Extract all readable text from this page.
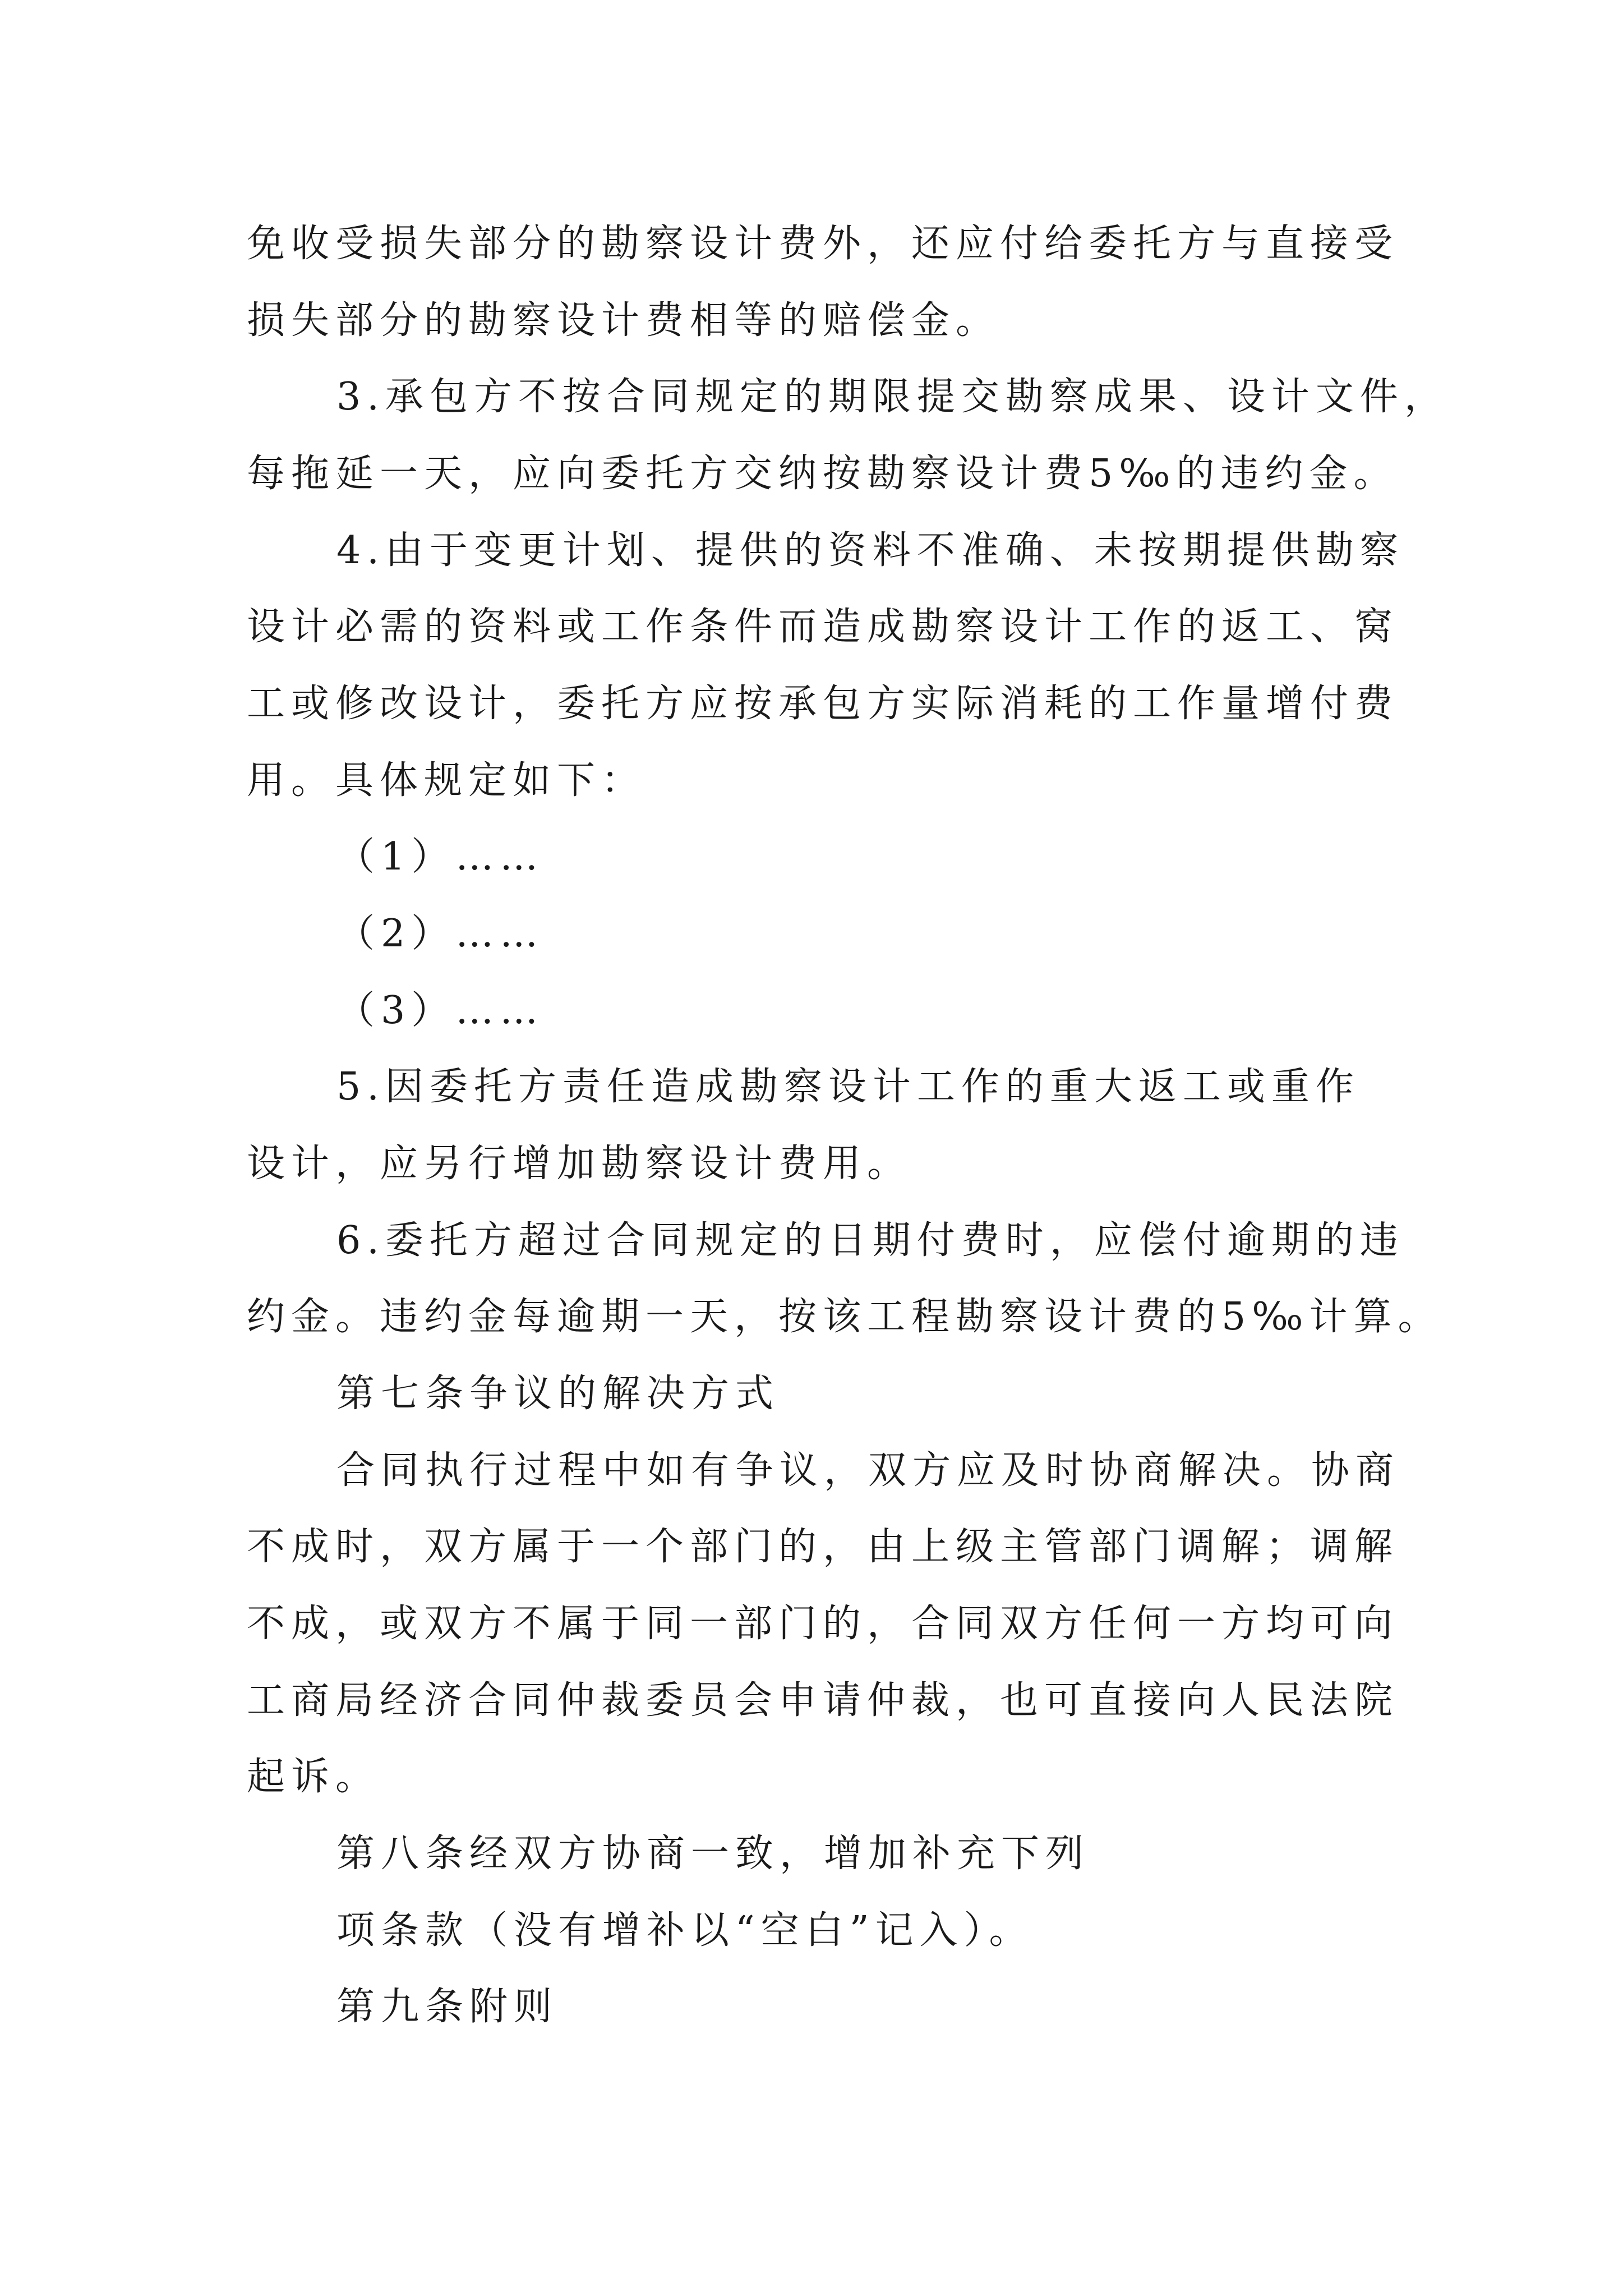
免收受损失部分的勘察设计费外，还应付给委托方与直接受

损失部分的勘察设计费相等的赔偿金。

3.承包方不按合同规定的期限提交勘察成果、设计文件，

每拖延一天，应向委托方交纳按勘察设计费5‰的违约金。

4.由于变更计划、提供的资料不准确、未按期提供勘察

设计必需的资料或工作条件而造成勘察设计工作的返工、窝

工或修改设计，委托方应按承包方实际消耗的工作量增付费

用。具体规定如下：

（1）……

（2）……

（3）……

5.因委托方责任造成勘察设计工作的重大返工或重作

设计，应另行增加勘察设计费用。

6.委托方超过合同规定的日期付费时，应偿付逾期的违

约金。违约金每逾期一天，按该工程勘察设计费的5‰计算。

第七条争议的解决方式

合同执行过程中如有争议，双方应及时协商解决。协商

不成时，双方属于一个部门的，由上级主管部门调解；调解

不成，或双方不属于同一部门的，合同双方任何一方均可向

工商局经济合同仲裁委员会申请仲裁，也可直接向人民法院

起诉。

第八条经双方协商一致，增加补充下列

项条款（没有增补以“空白”记入）。

第九条附则
